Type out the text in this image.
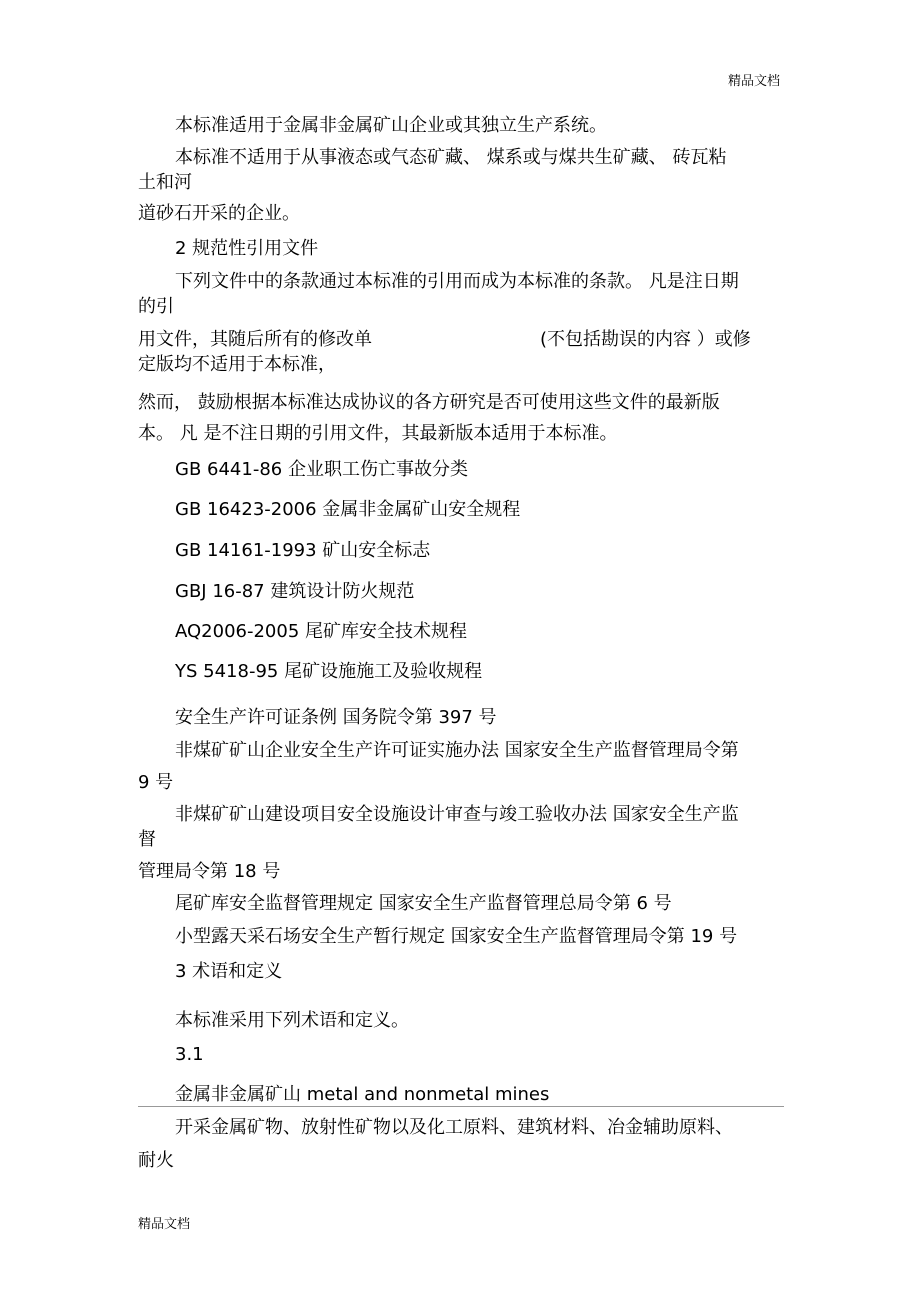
精品文档
本标准适用于金属非金属矿山企业或其独立生产系统。
本标准不适用于从事液态或气态矿藏、 煤系或与煤共生矿藏、 砖瓦粘
土和河
道砂石开采的企业。
2 规范性引用文件
下列文件中的条款通过本标准的引用而成为本标准的条款。 凡是注日期
的引
用文件，其随后所有的修改单	(不包括勘误的内容 ）或修
定版均不适用于本标准，
然而， 鼓励根据本标准达成协议的各方研究是否可使用这些文件的最新版
本。 凡 是不注日期的引用文件，其最新版本适用于本标准。
GB 6441-86 企业职工伤亡事故分类
GB 16423-2006 金属非金属矿山安全规程
GB 14161-1993 矿山安全标志
GBJ 16-87 建筑设计防火规范
AQ2006-2005 尾矿库安全技术规程
YS 5418-95 尾矿设施施工及验收规程
安全生产许可证条例 国务院令第 397 号
非煤矿矿山企业安全生产许可证实施办法 国家安全生产监督管理局令第
9 号
非煤矿矿山建设项目安全设施设计审查与竣工验收办法 国家安全生产监
督
管理局令第 18 号
尾矿库安全监督管理规定 国家安全生产监督管理总局令第 6 号
小型露天采石场安全生产暂行规定 国家安全生产监督管理局令第 19 号
3 术语和定义
本标准采用下列术语和定义。
3.1
金属非金属矿山 metal and nonmetal mines
开采金属矿物、放射性矿物以及化工原料、建筑材料、冶金辅助原料、
耐火
精品文档
